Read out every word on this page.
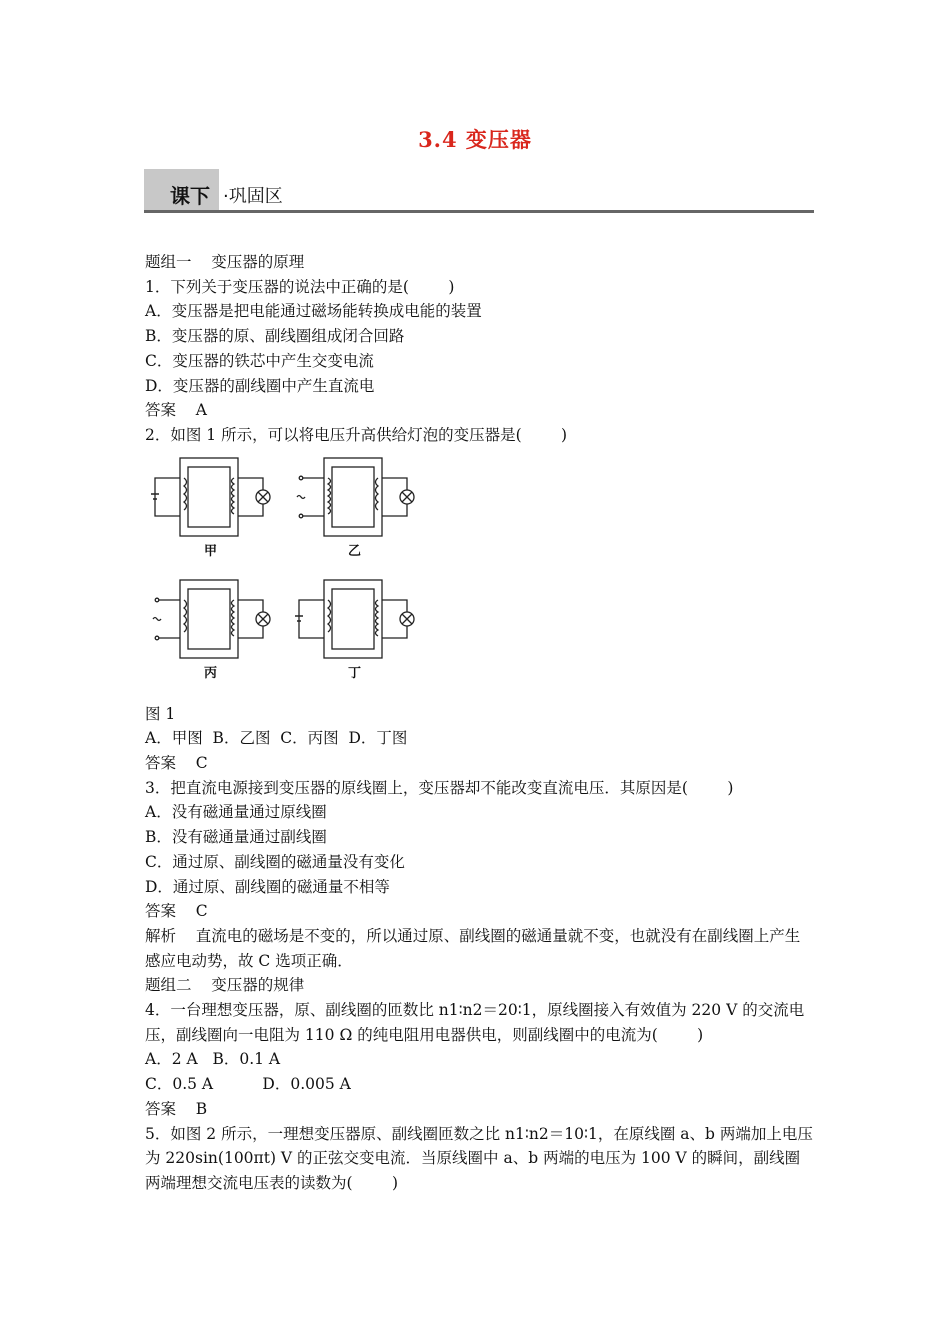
3.4 变压器
课下 ·巩固区
题组一    变压器的原理
1．下列关于变压器的说法中正确的是(        )
A．变压器是把电能通过磁场能转换成电能的装置
B．变压器的原、副线圈组成闭合回路
C．变压器的铁芯中产生交变电流
D．变压器的副线圈中产生直流电
答案    A
2．如图 1 所示，可以将电压升高供给灯泡的变压器是(        )
甲	乙
丙	丁
图 1
A．甲图  B．乙图  C．丙图  D．丁图
答案    C
3．把直流电源接到变压器的原线圈上，变压器却不能改变直流电压．其原因是(        )
A．没有磁通量通过原线圈
B．没有磁通量通过副线圈
C．通过原、副线圈的磁通量没有变化
D．通过原、副线圈的磁通量不相等
答案    C
解析    直流电的磁场是不变的，所以通过原、副线圈的磁通量就不变，也就没有在副线圈上产生感应电动势，故 C 选项正确．
题组二    变压器的规律
4．一台理想变压器，原、副线圈的匝数比 n1∶n2＝20∶1，原线圈接入有效值为 220 V 的交流电压，副线圈向一电阻为 110 Ω 的纯电阻用电器供电，则副线圈中的电流为(        )
A．2 A   B．0.1 A
C．0.5 A          D．0.005 A
答案    B
5．如图 2 所示，一理想变压器原、副线圈匝数之比 n1∶n2＝10∶1，在原线圈 a、b 两端加上电压为 220sin(100πt) V 的正弦交变电流．当原线圈中 a、b 两端的电压为 100 V 的瞬间，副线圈两端理想交流电压表的读数为(        )
